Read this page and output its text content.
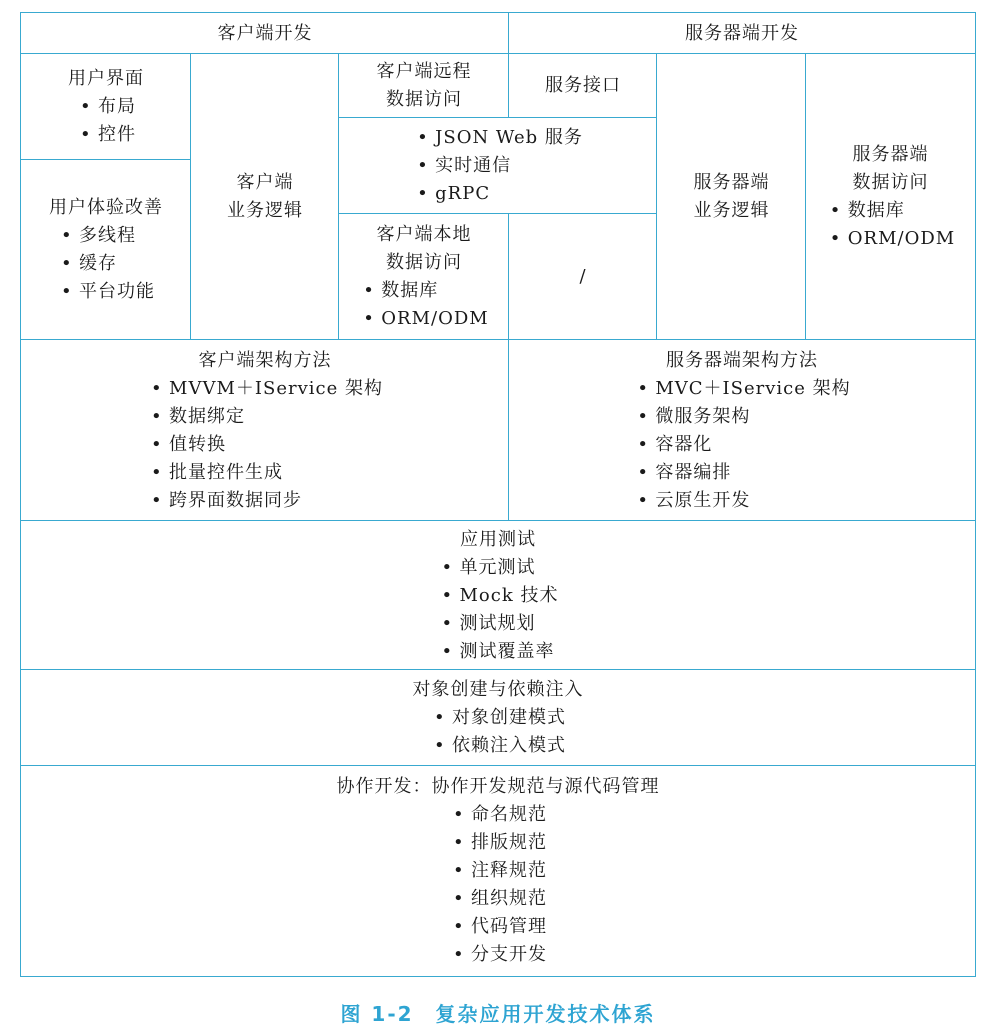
客户端开发	服务器端开发
用户界面
• 布局
• 控件
用户体验改善
• 多线程
• 缓存
• 平台功能
客户端
业务逻辑
客户端远程
数据访问
服务接口
• JSON Web 服务
• 实时通信
• gRPC
客户端本地
数据访问
• 数据库
• ORM/ODM
/
服务器端
业务逻辑
服务器端
数据访问
• 数据库
• ORM/ODM
客户端架构方法
• MVVM＋IService 架构
• 数据绑定
• 值转换
• 批量控件生成
• 跨界面数据同步
服务器端架构方法
• MVC＋IService 架构
• 微服务架构
• 容器化
• 容器编排
• 云原生开发
应用测试
• 单元测试
• Mock 技术
• 测试规划
• 测试覆盖率
对象创建与依赖注入
• 对象创建模式
• 依赖注入模式
协作开发：协作开发规范与源代码管理
• 命名规范
• 排版规范
• 注释规范
• 组织规范
• 代码管理
• 分支开发
图 1-2　复杂应用开发技术体系
